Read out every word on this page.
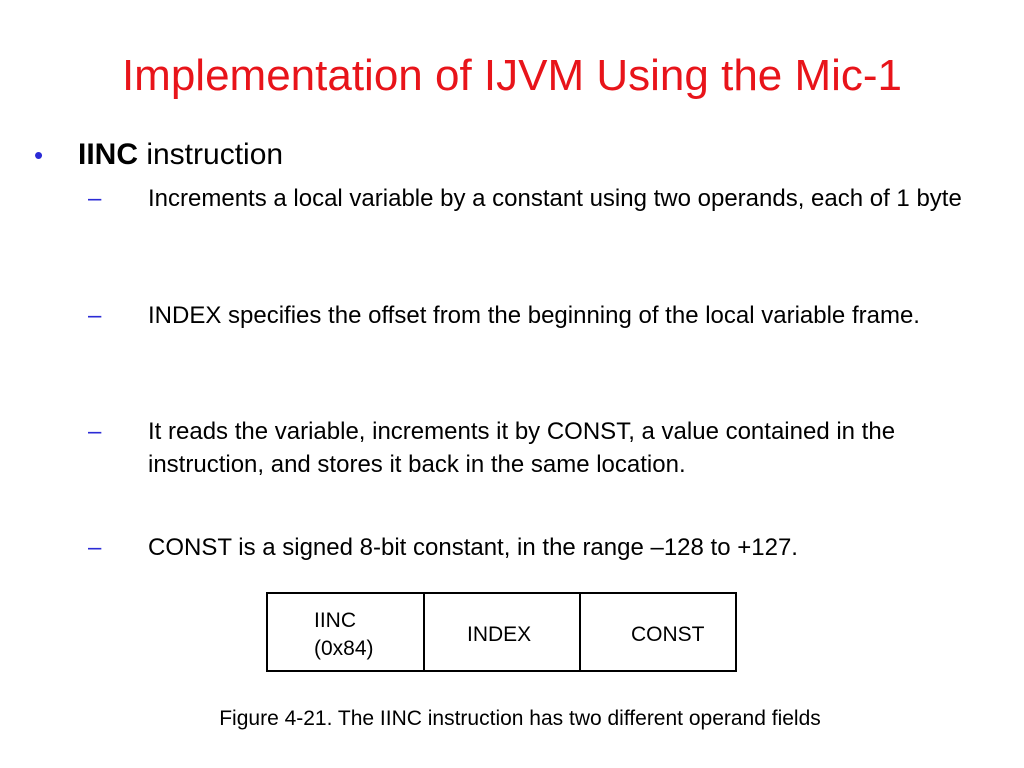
Implementation of IJVM Using the Mic-1
• IINC instruction
– Increments a local variable by a constant using two operands, each of 1 byte
– INDEX specifies the offset from the beginning of the local variable frame.
– It reads the variable, increments it by CONST, a value contained in the instruction, and stores it back in the same location.
– CONST is a signed 8-bit constant, in the range –128 to +127.
IINC
(0x84)
INDEX	CONST
Figure 4-21. The IINC instruction has two different operand fields
